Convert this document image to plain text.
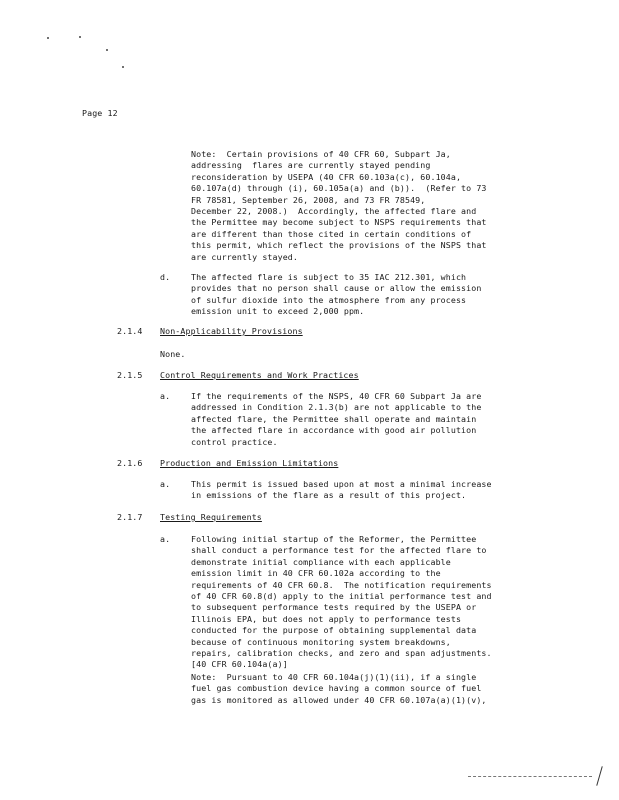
Page 12
Note:  Certain provisions of 40 CFR 60, Subpart Ja,
addressing  flares are currently stayed pending
reconsideration by USEPA (40 CFR 60.103a(c), 60.104a,
60.107a(d) through (i), 60.105a(a) and (b)).  (Refer to 73
FR 78581, September 26, 2008, and 73 FR 78549,
December 22, 2008.)  Accordingly, the affected flare and
the Permittee may become subject to NSPS requirements that
are different than those cited in certain conditions of
this permit, which reflect the provisions of the NSPS that
are currently stayed.
d.	The affected flare is subject to 35 IAC 212.301, which
provides that no person shall cause or allow the emission
of sulfur dioxide into the atmosphere from any process
emission unit to exceed 2,000 ppm.
2.1.4 Non-Applicability Provisions
None.
2.1.5 Control Requirements and Work Practices
a.	If the requirements of the NSPS, 40 CFR 60 Subpart Ja are
addressed in Condition 2.1.3(b) are not applicable to the
affected flare, the Permittee shall operate and maintain
the affected flare in accordance with good air pollution
control practice.
2.1.6 Production and Emission Limitations
a.	This permit is issued based upon at most a minimal increase
in emissions of the flare as a result of this project.
2.1.7 Testing Requirements
a.	Following initial startup of the Reformer, the Permittee
shall conduct a performance test for the affected flare to
demonstrate initial compliance with each applicable
emission limit in 40 CFR 60.102a according to the
requirements of 40 CFR 60.8.  The notification requirements
of 40 CFR 60.8(d) apply to the initial performance test and
to subsequent performance tests required by the USEPA or
Illinois EPA, but does not apply to performance tests
conducted for the purpose of obtaining supplemental data
because of continuous monitoring system breakdowns,
repairs, calibration checks, and zero and span adjustments.
[40 CFR 60.104a(a)]
Note:  Pursuant to 40 CFR 60.104a(j)(1)(ii), if a single
fuel gas combustion device having a common source of fuel
gas is monitored as allowed under 40 CFR 60.107a(a)(1)(v),
